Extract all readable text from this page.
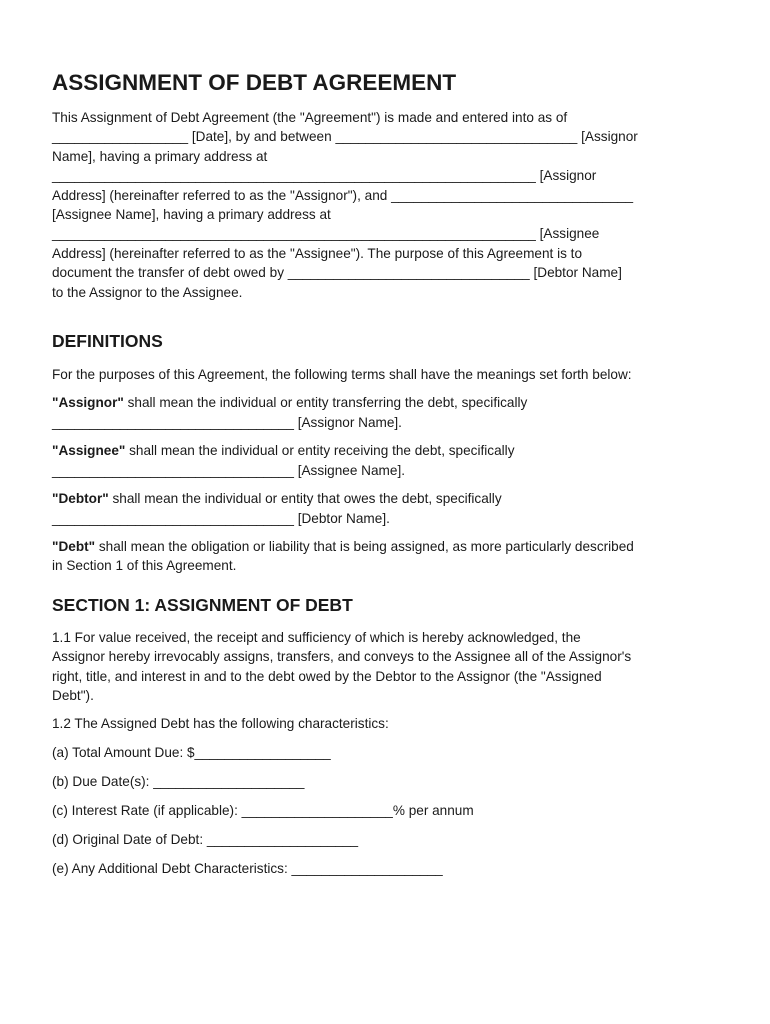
ASSIGNMENT OF DEBT AGREEMENT

This Assignment of Debt Agreement (the "Agreement") is made and entered into as of
__________________ [Date], by and between ________________________________ [Assignor
Name], having a primary address at
________________________________________________________________ [Assignor
Address] (hereinafter referred to as the "Assignor"), and ________________________________
[Assignee Name], having a primary address at
________________________________________________________________ [Assignee
Address] (hereinafter referred to as the "Assignee"). The purpose of this Agreement is to
document the transfer of debt owed by ________________________________ [Debtor Name]
to the Assignor to the Assignee.

DEFINITIONS

For the purposes of this Agreement, the following terms shall have the meanings set forth below:

"Assignor" shall mean the individual or entity transferring the debt, specifically
________________________________ [Assignor Name].

"Assignee" shall mean the individual or entity receiving the debt, specifically
________________________________ [Assignee Name].

"Debtor" shall mean the individual or entity that owes the debt, specifically
________________________________ [Debtor Name].

"Debt" shall mean the obligation or liability that is being assigned, as more particularly described
in Section 1 of this Agreement.

SECTION 1: ASSIGNMENT OF DEBT

1.1 For value received, the receipt and sufficiency of which is hereby acknowledged, the
Assignor hereby irrevocably assigns, transfers, and conveys to the Assignee all of the Assignor's
right, title, and interest in and to the debt owed by the Debtor to the Assignor (the "Assigned
Debt").

1.2 The Assigned Debt has the following characteristics:

(a) Total Amount Due: $__________________

(b) Due Date(s): ____________________

(c) Interest Rate (if applicable): ____________________% per annum

(d) Original Date of Debt: ____________________

(e) Any Additional Debt Characteristics: ____________________
